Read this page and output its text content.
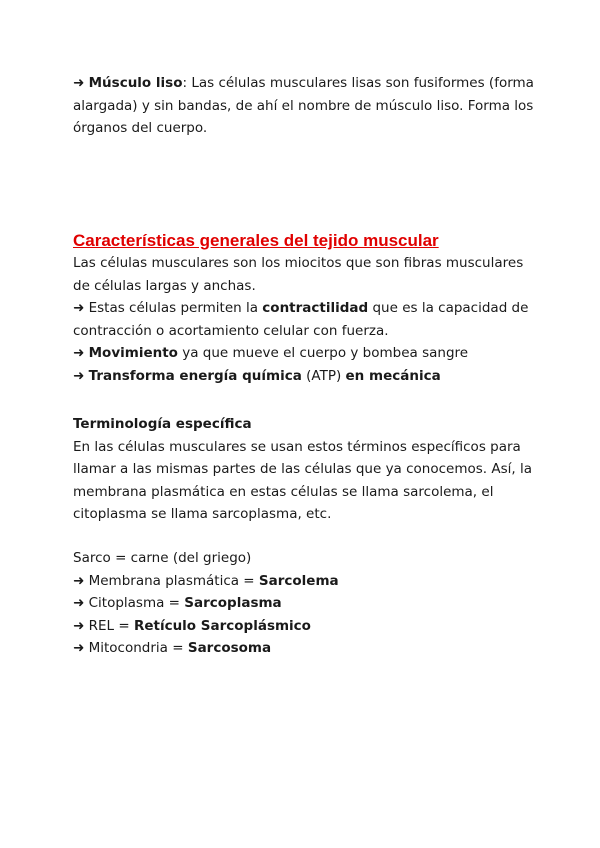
➜ Músculo liso: Las células musculares lisas son fusiformes (forma alargada) y sin bandas, de ahí el nombre de músculo liso. Forma los órganos del cuerpo.

Características generales del tejido muscular

Las células musculares son los miocitos que son fibras musculares de células largas y anchas.

➜ Estas células permiten la contractilidad que es la capacidad de contracción o acortamiento celular con fuerza.

➜ Movimiento ya que mueve el cuerpo y bombea sangre

➜ Transforma energía química (ATP) en mecánica

Terminología específica

En las células musculares se usan estos términos específicos para llamar a las mismas partes de las células que ya conocemos. Así, la membrana plasmática en estas células se llama sarcolema, el citoplasma se llama sarcoplasma, etc.

Sarco = carne (del griego)

➜ Membrana plasmática = Sarcolema

➜ Citoplasma = Sarcoplasma

➜ REL = Retículo Sarcoplásmico

➜ Mitocondria = Sarcosoma
